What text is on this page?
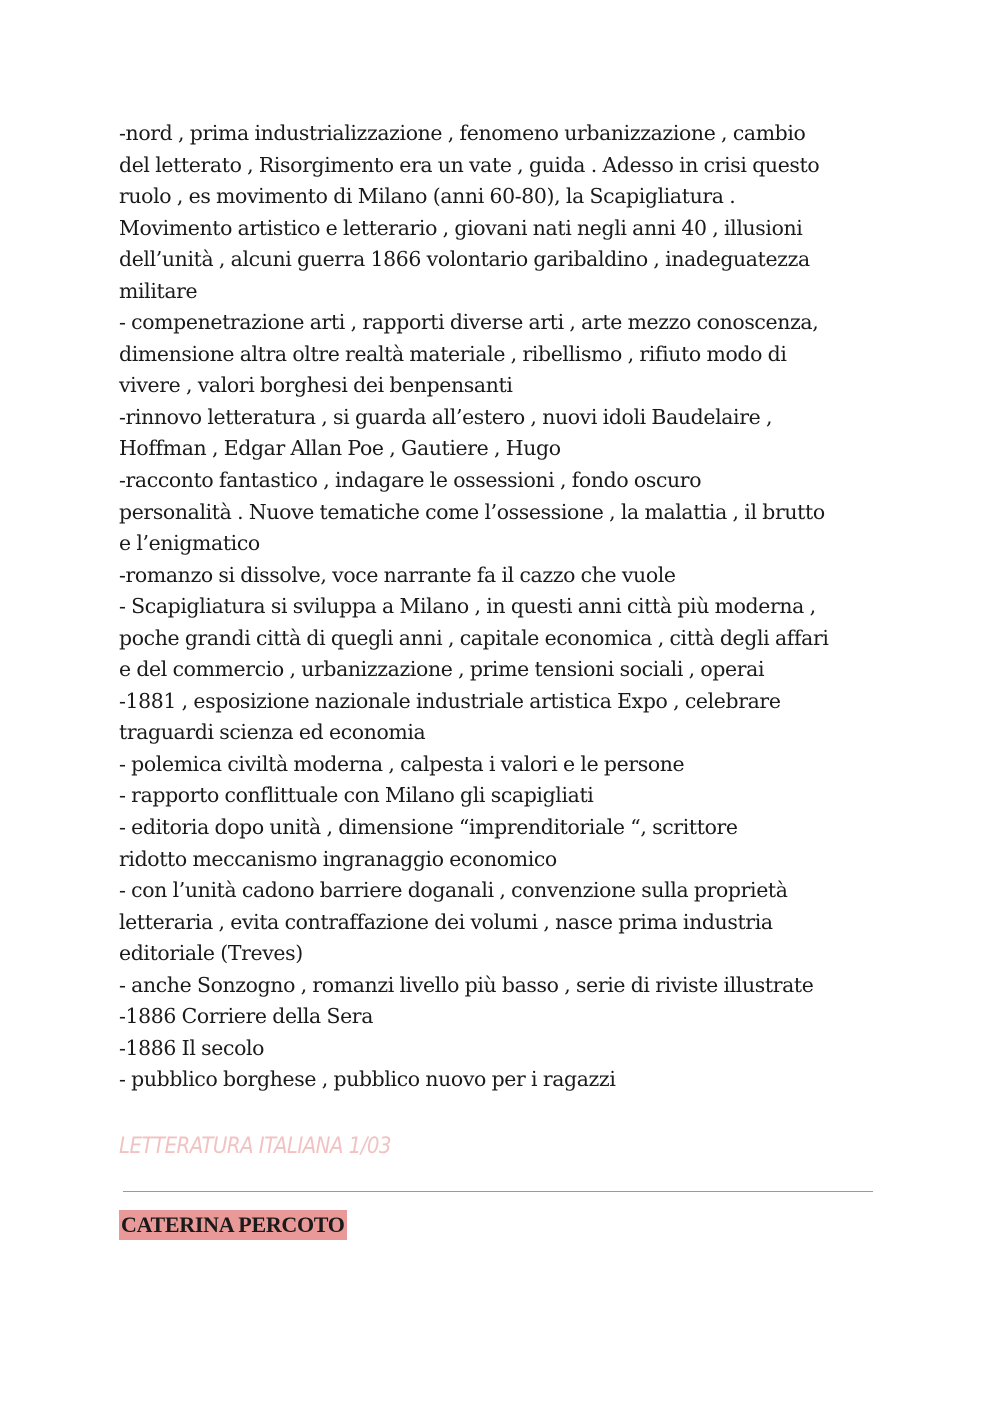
-nord , prima industrializzazione , fenomeno urbanizzazione , cambio
del letterato , Risorgimento era un vate , guida . Adesso in crisi questo
ruolo , es movimento di Milano (anni 60-80), la Scapigliatura .
Movimento artistico e letterario , giovani nati negli anni 40 , illusioni
dell’unità , alcuni guerra 1866 volontario garibaldino , inadeguatezza
militare
- compenetrazione arti , rapporti diverse arti , arte mezzo conoscenza,
dimensione altra oltre realtà materiale , ribellismo , rifiuto modo di
vivere , valori borghesi dei benpensanti
-rinnovo letteratura , si guarda all’estero , nuovi idoli Baudelaire ,
Hoffman , Edgar Allan Poe , Gautiere , Hugo
-racconto fantastico , indagare le ossessioni , fondo oscuro
personalità . Nuove tematiche come l’ossessione , la malattia , il brutto
e l’enigmatico
-romanzo si dissolve, voce narrante fa il cazzo che vuole
- Scapigliatura si sviluppa a Milano , in questi anni città più moderna ,
poche grandi città di quegli anni , capitale economica , città degli affari
e del commercio , urbanizzazione , prime tensioni sociali , operai
-1881 , esposizione nazionale industriale artistica Expo , celebrare
traguardi scienza ed economia
- polemica civiltà moderna , calpesta i valori e le persone
- rapporto conflittuale con Milano gli scapigliati
- editoria dopo unità , dimensione “imprenditoriale “, scrittore
ridotto meccanismo ingranaggio economico
- con l’unità cadono barriere doganali , convenzione sulla proprietà
letteraria , evita contraffazione dei volumi , nasce prima industria
editoriale (Treves)
- anche Sonzogno , romanzi livello più basso , serie di riviste illustrate
-1886 Corriere della Sera
-1886 Il secolo
- pubblico borghese , pubblico nuovo per i ragazzi
LETTERATURA ITALIANA 1/03
CATERINA PERCOTO
